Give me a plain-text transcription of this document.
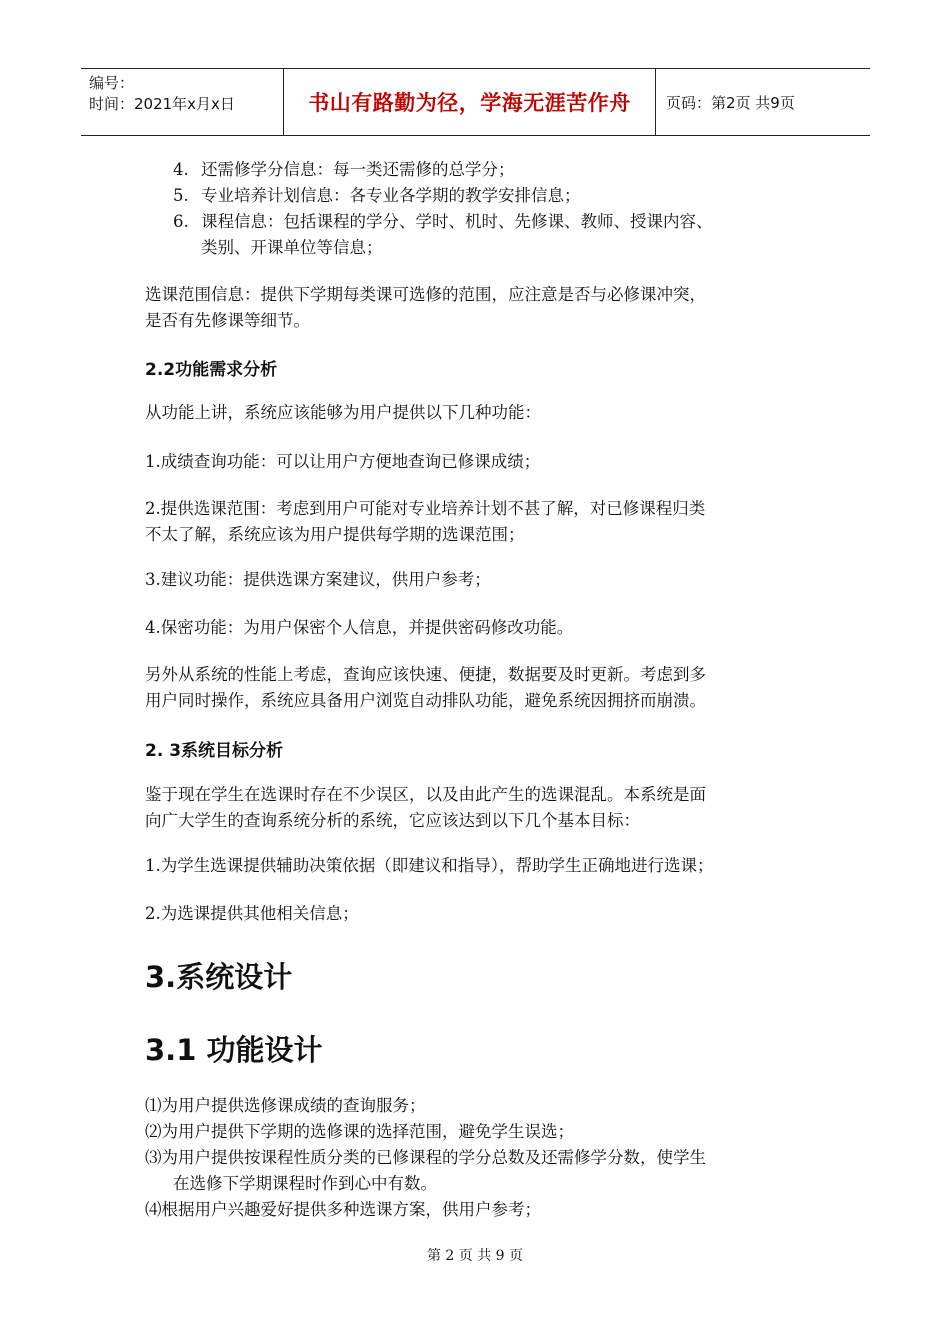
编号：
时间：2021年x月x日	书山有路勤为径，学海无涯苦作舟	页码：第2页 共9页
4. 还需修学分信息：每一类还需修的总学分；
5. 专业培养计划信息：各专业各学期的教学安排信息；
6. 课程信息：包括课程的学分、学时、机时、先修课、教师、授课内容、
类别、开课单位等信息；
选课范围信息：提供下学期每类课可选修的范围，应注意是否与必修课冲突，
是否有先修课等细节。
2.2功能需求分析
从功能上讲，系统应该能够为用户提供以下几种功能：
1.成绩查询功能：可以让用户方便地查询已修课成绩；
2.提供选课范围：考虑到用户可能对专业培养计划不甚了解，对已修课程归类
不太了解，系统应该为用户提供每学期的选课范围；
3.建议功能：提供选课方案建议，供用户参考；
4.保密功能：为用户保密个人信息，并提供密码修改功能。
另外从系统的性能上考虑，查询应该快速、便捷，数据要及时更新。考虑到多
用户同时操作，系统应具备用户浏览自动排队功能，避免系统因拥挤而崩溃。
2. 3系统目标分析
鉴于现在学生在选课时存在不少误区，以及由此产生的选课混乱。本系统是面
向广大学生的查询系统分析的系统，它应该达到以下几个基本目标：
1.为学生选课提供辅助决策依据（即建议和指导），帮助学生正确地进行选课；
2.为选课提供其他相关信息；
3.系统设计
3.1 功能设计
⑴为用户提供选修课成绩的查询服务；
⑵为用户提供下学期的选修课的选择范围，避免学生误选；
⑶为用户提供按课程性质分类的已修课程的学分总数及还需修学分数，使学生
在选修下学期课程时作到心中有数。
⑷根据用户兴趣爱好提供多种选课方案，供用户参考；
第 2 页 共 9 页
